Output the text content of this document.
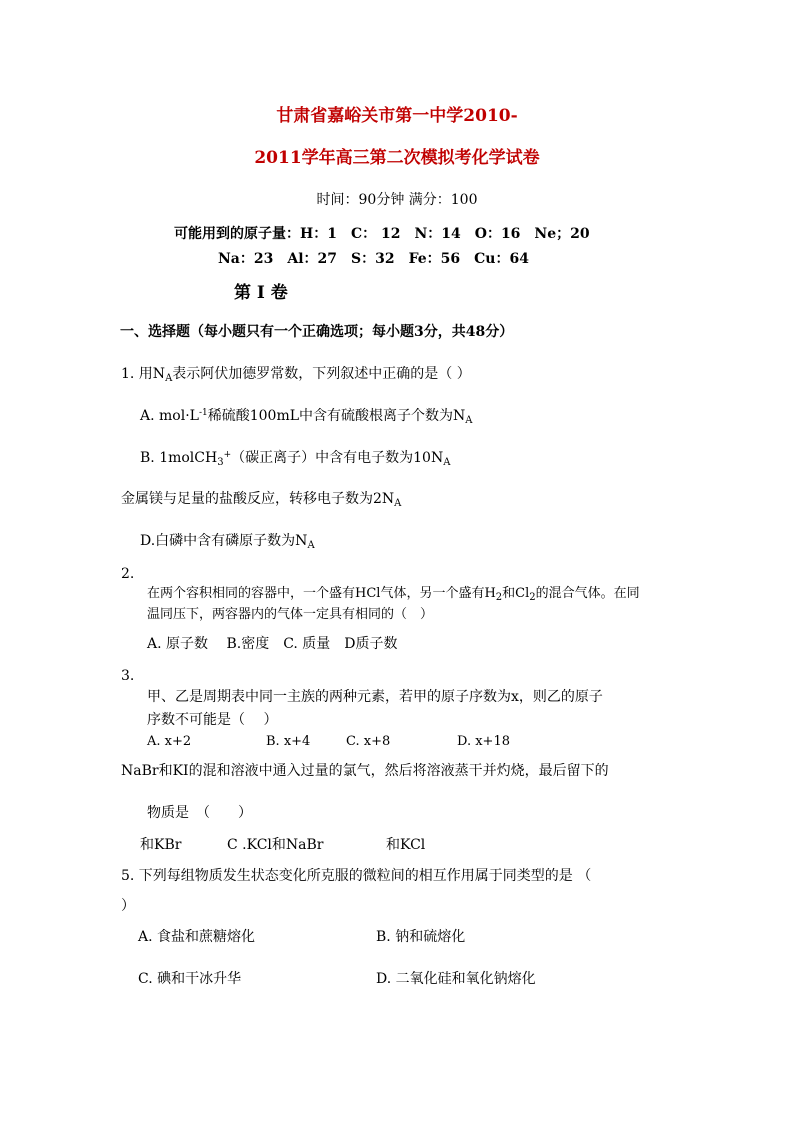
甘肃省嘉峪关市第一中学2010-
2011学年高三第二次模拟考化学试卷
时间：90分钟 满分：100
可能用到的原子量：H：1　C： 12　N：14　O：16　Ne；20
Na：23　Al：27　S：32　Fe：56　Cu：64
第 I 卷
一、选择题（每小题只有一个正确选项；每小题3分，共48分）
1. 用$N_A$表示阿伏加德罗常数，下列叙述中正确的是（ ）
A. $mol\cdot L^{-1}$稀硫酸100mL中含有硫酸根离子个数为$N_A$
B. 1molCH$_3$+（碳正离子）中含有电子数为$10N_A$
金属镁与足量的盐酸反应，转移电子数为$2N_A$
D.白磷中含有磷原子数为$N_A$
2.
在两个容积相同的容器中，一个盛有HCl气体，另一个盛有$H_2$和$Cl_2$的混合气体。在同
温同压下，两容器内的气体一定具有相同的（　）
A. 原子数　 B.密度　C. 质量　D质子数
3.
甲、乙是周期表中同一主族的两种元素，若甲的原子序数为x，则乙的原子
序数不可能是（　 ）
A. x+2	B. x+4	C. x+8	D. x+18
NaBr和KI的混和溶液中通入过量的氯气，然后将溶液蒸干并灼烧，最后留下的
物质是　（　　）
和KBr	C .KCl和NaBr	和KCl
5. 下列每组物质发生状态变化所克服的微粒间的相互作用属于同类型的是 （
）
A. 食盐和蔗糖熔化	B. 钠和硫熔化
C. 碘和干冰升华	D. 二氧化硅和氧化钠熔化
